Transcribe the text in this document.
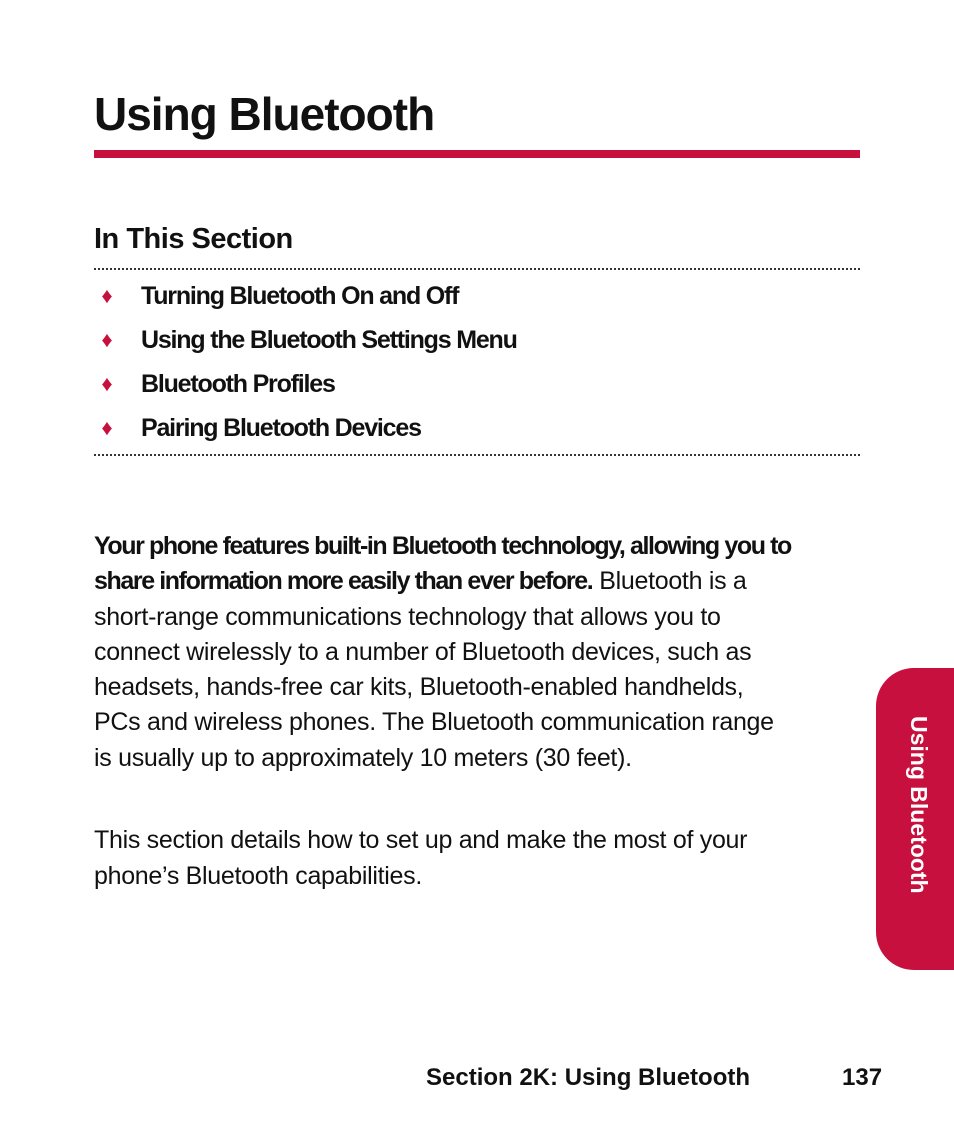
Using Bluetooth
In This Section
♦ Turning Bluetooth On and Off
♦ Using the Bluetooth Settings Menu
♦ Bluetooth Profiles
♦ Pairing Bluetooth Devices

Your phone features built-in Bluetooth technology, allowing you to share information more easily than ever before. Bluetooth is a short-range communications technology that allows you to connect wirelessly to a number of Bluetooth devices, such as headsets, hands-free car kits, Bluetooth-enabled handhelds, PCs and wireless phones. The Bluetooth communication range is usually up to approximately 10 meters (30 feet).

This section details how to set up and make the most of your phone’s Bluetooth capabilities.	Using Bluetooth
Section 2K: Using Bluetooth	137
